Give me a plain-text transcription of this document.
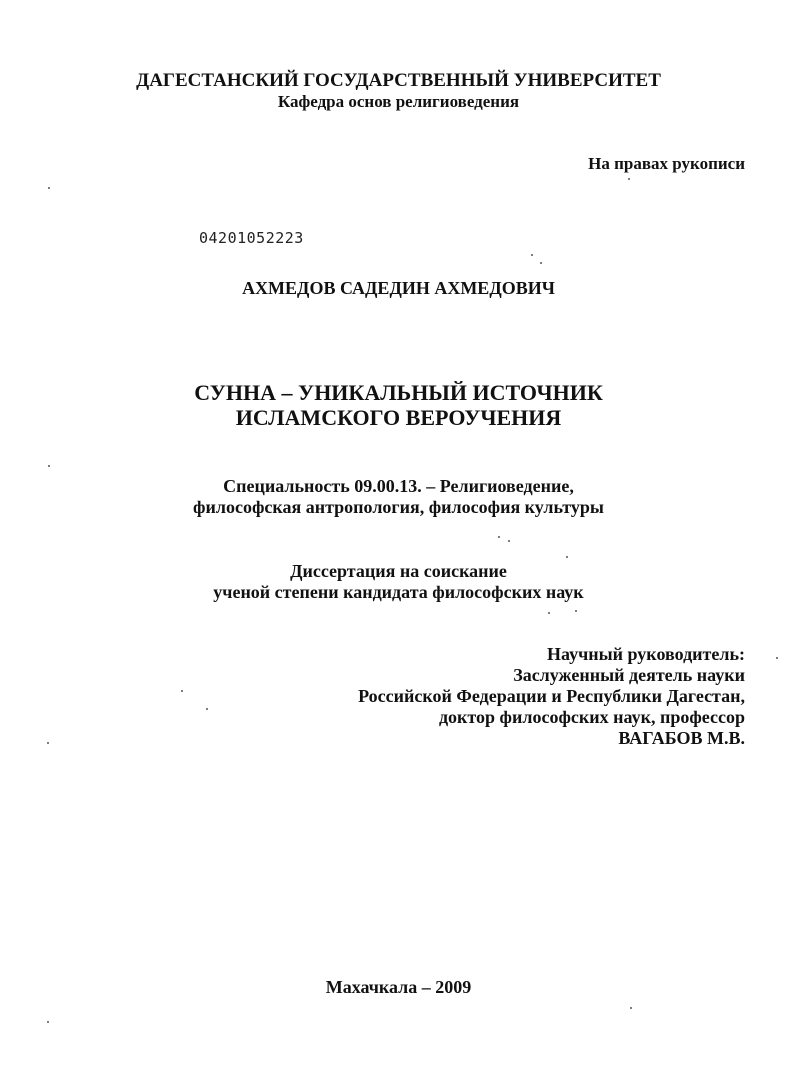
ДАГЕСТАНСКИЙ ГОСУДАРСТВЕННЫЙ УНИВЕРСИТЕТ
Кафедра основ религиоведения
На правах рукописи
04201052223
АХМЕДОВ САДЕДИН АХМЕДОВИЧ
СУННА – УНИКАЛЬНЫЙ ИСТОЧНИК
ИСЛАМСКОГО ВЕРОУЧЕНИЯ
Специальность 09.00.13. – Религиоведение,
философская антропология, философия культуры
Диссертация на соискание
ученой степени кандидата философских наук
Научный руководитель:
Заслуженный деятель науки
Российской Федерации и Республики Дагестан,
доктор философских наук, профессор
ВАГАБОВ М.В.
Махачкала – 2009
